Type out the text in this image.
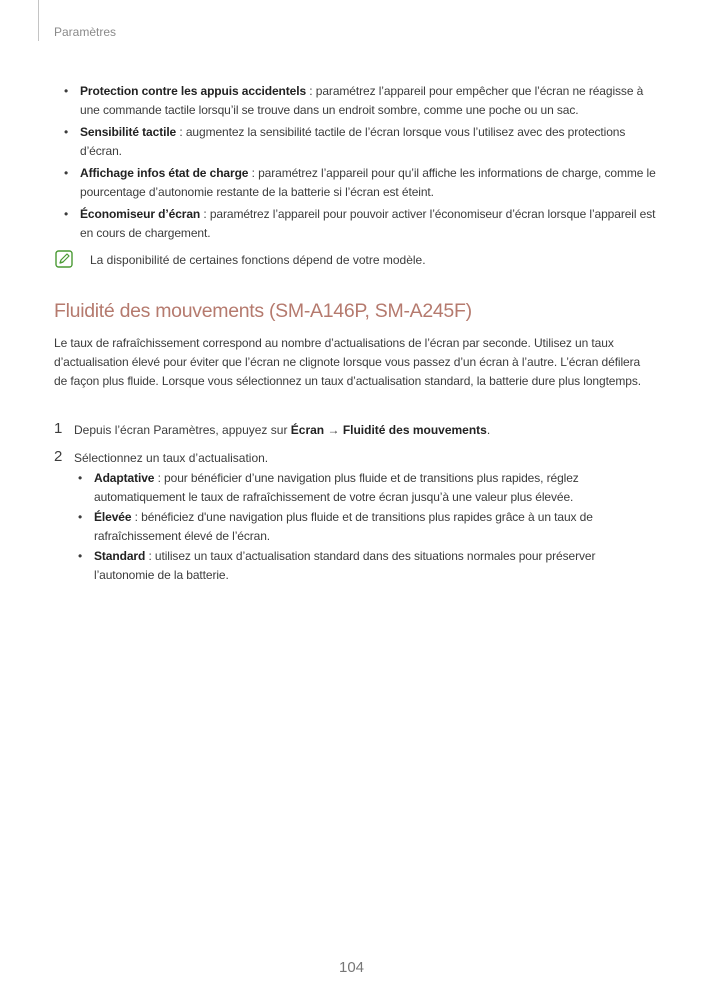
Paramètres
• Protection contre les appuis accidentels : paramétrez l’appareil pour empêcher que l’écran ne réagisse à une commande tactile lorsqu’il se trouve dans un endroit sombre, comme une poche ou un sac.
• Sensibilité tactile : augmentez la sensibilité tactile de l’écran lorsque vous l’utilisez avec des protections d’écran.
• Affichage infos état de charge : paramétrez l’appareil pour qu’il affiche les informations de charge, comme le pourcentage d’autonomie restante de la batterie si l’écran est éteint.
• Économiseur d’écran : paramétrez l’appareil pour pouvoir activer l’économiseur d’écran lorsque l’appareil est en cours de chargement.
La disponibilité de certaines fonctions dépend de votre modèle.
Fluidité des mouvements (SM-A146P, SM-A245F)
Le taux de rafraîchissement correspond au nombre d’actualisations de l’écran par seconde. Utilisez un taux d’actualisation élevé pour éviter que l’écran ne clignote lorsque vous passez d’un écran à l’autre. L’écran défilera de façon plus fluide. Lorsque vous sélectionnez un taux d’actualisation standard, la batterie dure plus longtemps.
1 Depuis l’écran Paramètres, appuyez sur Écran → Fluidité des mouvements.
2 Sélectionnez un taux d’actualisation.
• Adaptative : pour bénéficier d’une navigation plus fluide et de transitions plus rapides, réglez automatiquement le taux de rafraîchissement de votre écran jusqu’à une valeur plus élevée.
• Élevée : bénéficiez d'une navigation plus fluide et de transitions plus rapides grâce à un taux de rafraîchissement élevé de l’écran.
• Standard : utilisez un taux d’actualisation standard dans des situations normales pour préserver l’autonomie de la batterie.
104
